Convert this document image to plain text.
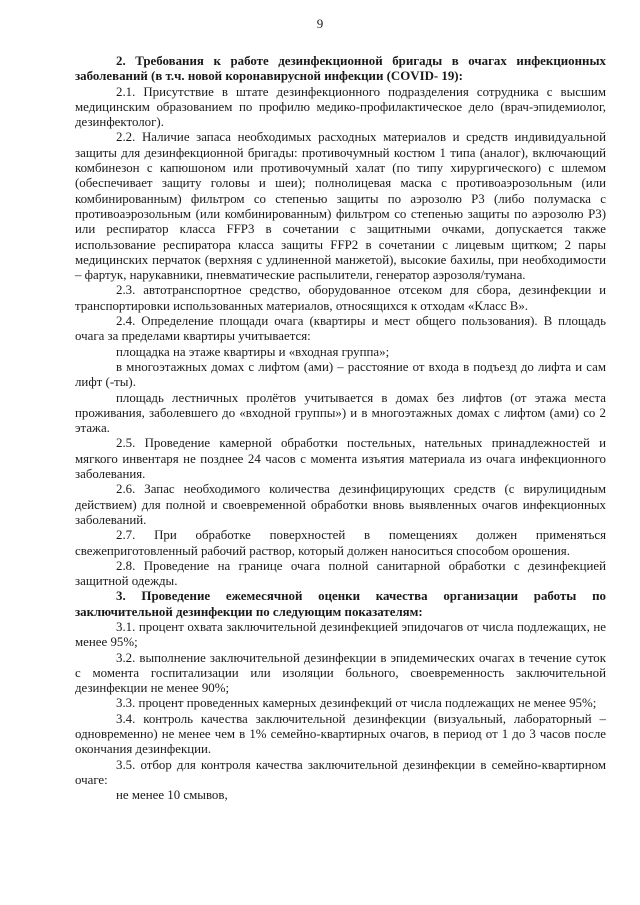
9

2. Требования к работе дезинфекционной бригады в очагах инфекционных заболеваний (в т.ч. новой коронавирусной инфекции (COVID- 19):

2.1. Присутствие в штате дезинфекционного подразделения сотрудника с высшим медицинским образованием по профилю медико-профилактическое дело (врач-эпидемиолог, дезинфектолог).

2.2. Наличие запаса необходимых расходных материалов и средств индивидуальной защиты для дезинфекционной бригады: противочумный костюм 1 типа (аналог), включающий комбинезон с капюшоном или противочумный халат (по типу хирургического) с шлемом (обеспечивает защиту головы и шеи); полнолицевая маска с противоаэрозольным (или комбинированным) фильтром со степенью защиты по аэрозолю Р3 (либо полумаска с противоаэрозольным (или комбинированным) фильтром со степенью защиты по аэрозолю Р3) или респиратор класса FFP3 в сочетании с защитными очками, допускается также использование респиратора класса защиты FFP2 в сочетании с лицевым щитком; 2 пары медицинских перчаток (верхняя с удлиненной манжетой), высокие бахилы, при необходимости – фартук, нарукавники, пневматические распылители, генератор аэрозоля/тумана.

2.3. автотранспортное средство, оборудованное отсеком для сбора, дезинфекции и транспортировки использованных материалов, относящихся к отходам «Класс В».

2.4. Определение площади очага (квартиры и мест общего пользования). В площадь очага за пределами квартиры учитывается:

площадка на этаже квартиры и «входная группа»;

в многоэтажных домах с лифтом (ами) – расстояние от входа в подъезд до лифта и сам лифт (-ты).

площадь лестничных пролётов учитывается в домах без лифтов (от этажа места проживания, заболевшего до «входной группы») и в многоэтажных домах с лифтом (ами) со 2 этажа.

2.5. Проведение камерной обработки постельных, нательных принадлежностей и мягкого инвентаря не позднее 24 часов с момента изъятия материала из очага инфекционного заболевания.

2.6. Запас необходимого количества дезинфицирующих средств (с вирулицидным действием) для полной и своевременной обработки вновь выявленных очагов инфекционных заболеваний.

2.7. При обработке поверхностей в помещениях должен применяться свежеприготовленный рабочий раствор, который должен наноситься способом орошения.

2.8. Проведение на границе очага полной санитарной обработки с дезинфекцией защитной одежды.

3. Проведение ежемесячной оценки качества организации работы по заключительной дезинфекции по следующим показателям:

3.1. процент охвата заключительной дезинфекцией эпидочагов от числа подлежащих, не менее 95%;

3.2. выполнение заключительной дезинфекции в эпидемических очагах в течение суток с момента госпитализации или изоляции больного, своевременность заключительной дезинфекции не менее 90%;

3.3. процент проведенных камерных дезинфекций от числа подлежащих не менее 95%;

3.4. контроль качества заключительной дезинфекции (визуальный, лабораторный – одновременно) не менее чем в 1% семейно-квартирных очагов, в период от 1 до 3 часов после окончания дезинфекции.

3.5. отбор для контроля качества заключительной дезинфекции в семейно-квартирном очаге:

не менее 10 смывов,
